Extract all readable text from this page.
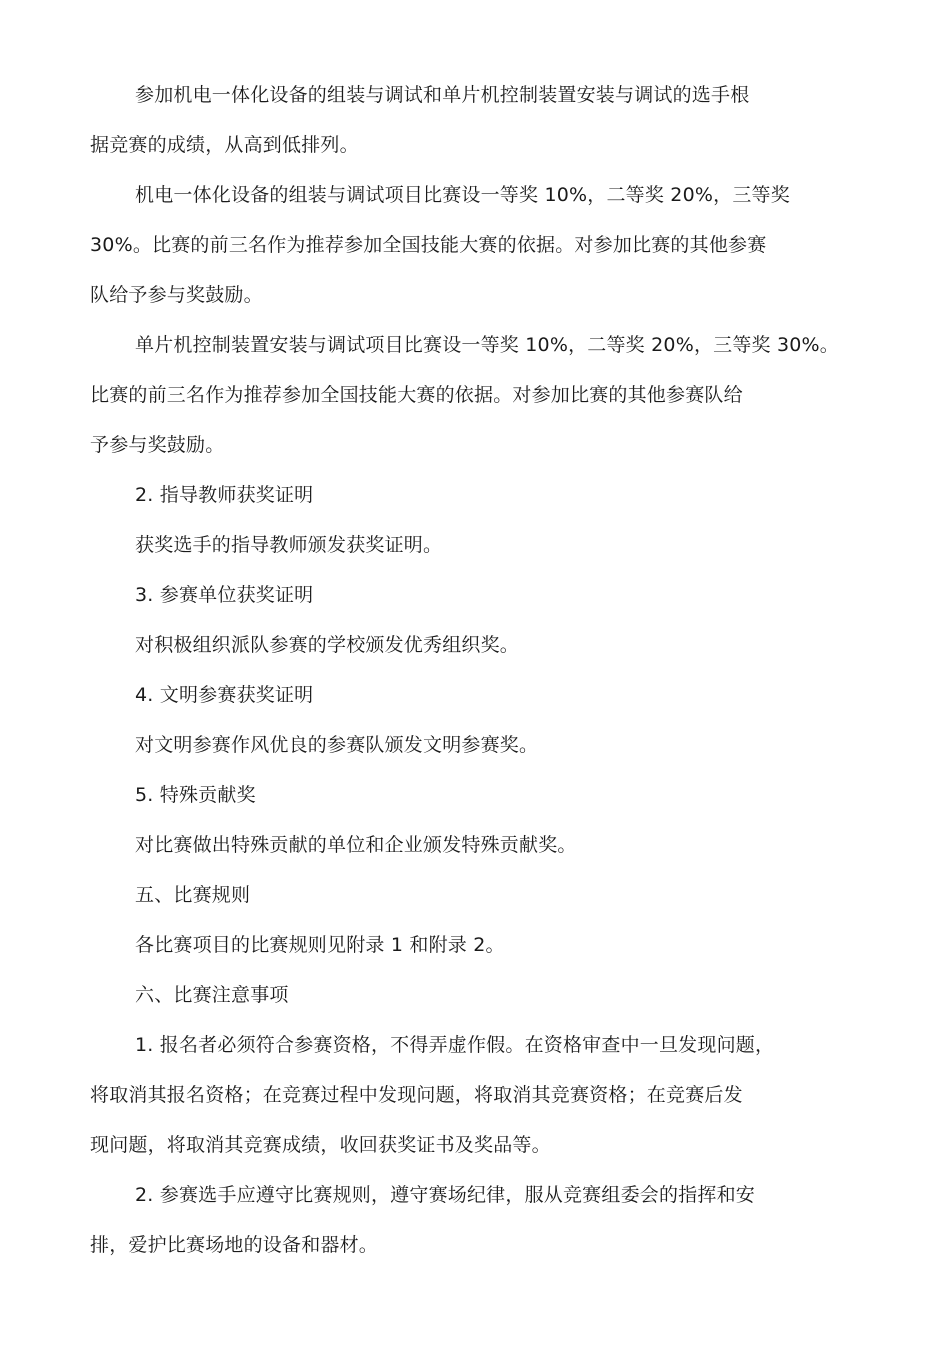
参加机电一体化设备的组装与调试和单片机控制装置安装与调试的选手根
据竞赛的成绩，从高到低排列。
机电一体化设备的组装与调试项目比赛设一等奖 10%，二等奖 20%，三等奖
30%。比赛的前三名作为推荐参加全国技能大赛的依据。对参加比赛的其他参赛
队给予参与奖鼓励。
单片机控制装置安装与调试项目比赛设一等奖 10%，二等奖 20%，三等奖 30%。
比赛的前三名作为推荐参加全国技能大赛的依据。对参加比赛的其他参赛队给
予参与奖鼓励。
2. 指导教师获奖证明
获奖选手的指导教师颁发获奖证明。
3. 参赛单位获奖证明
对积极组织派队参赛的学校颁发优秀组织奖。
4. 文明参赛获奖证明
对文明参赛作风优良的参赛队颁发文明参赛奖。
5. 特殊贡献奖
对比赛做出特殊贡献的单位和企业颁发特殊贡献奖。
五、比赛规则
各比赛项目的比赛规则见附录 1 和附录 2。
六、比赛注意事项
1. 报名者必须符合参赛资格，不得弄虚作假。在资格审查中一旦发现问题，
将取消其报名资格；在竞赛过程中发现问题，将取消其竞赛资格；在竞赛后发
现问题，将取消其竞赛成绩，收回获奖证书及奖品等。
2. 参赛选手应遵守比赛规则，遵守赛场纪律，服从竞赛组委会的指挥和安
排，爱护比赛场地的设备和器材。
